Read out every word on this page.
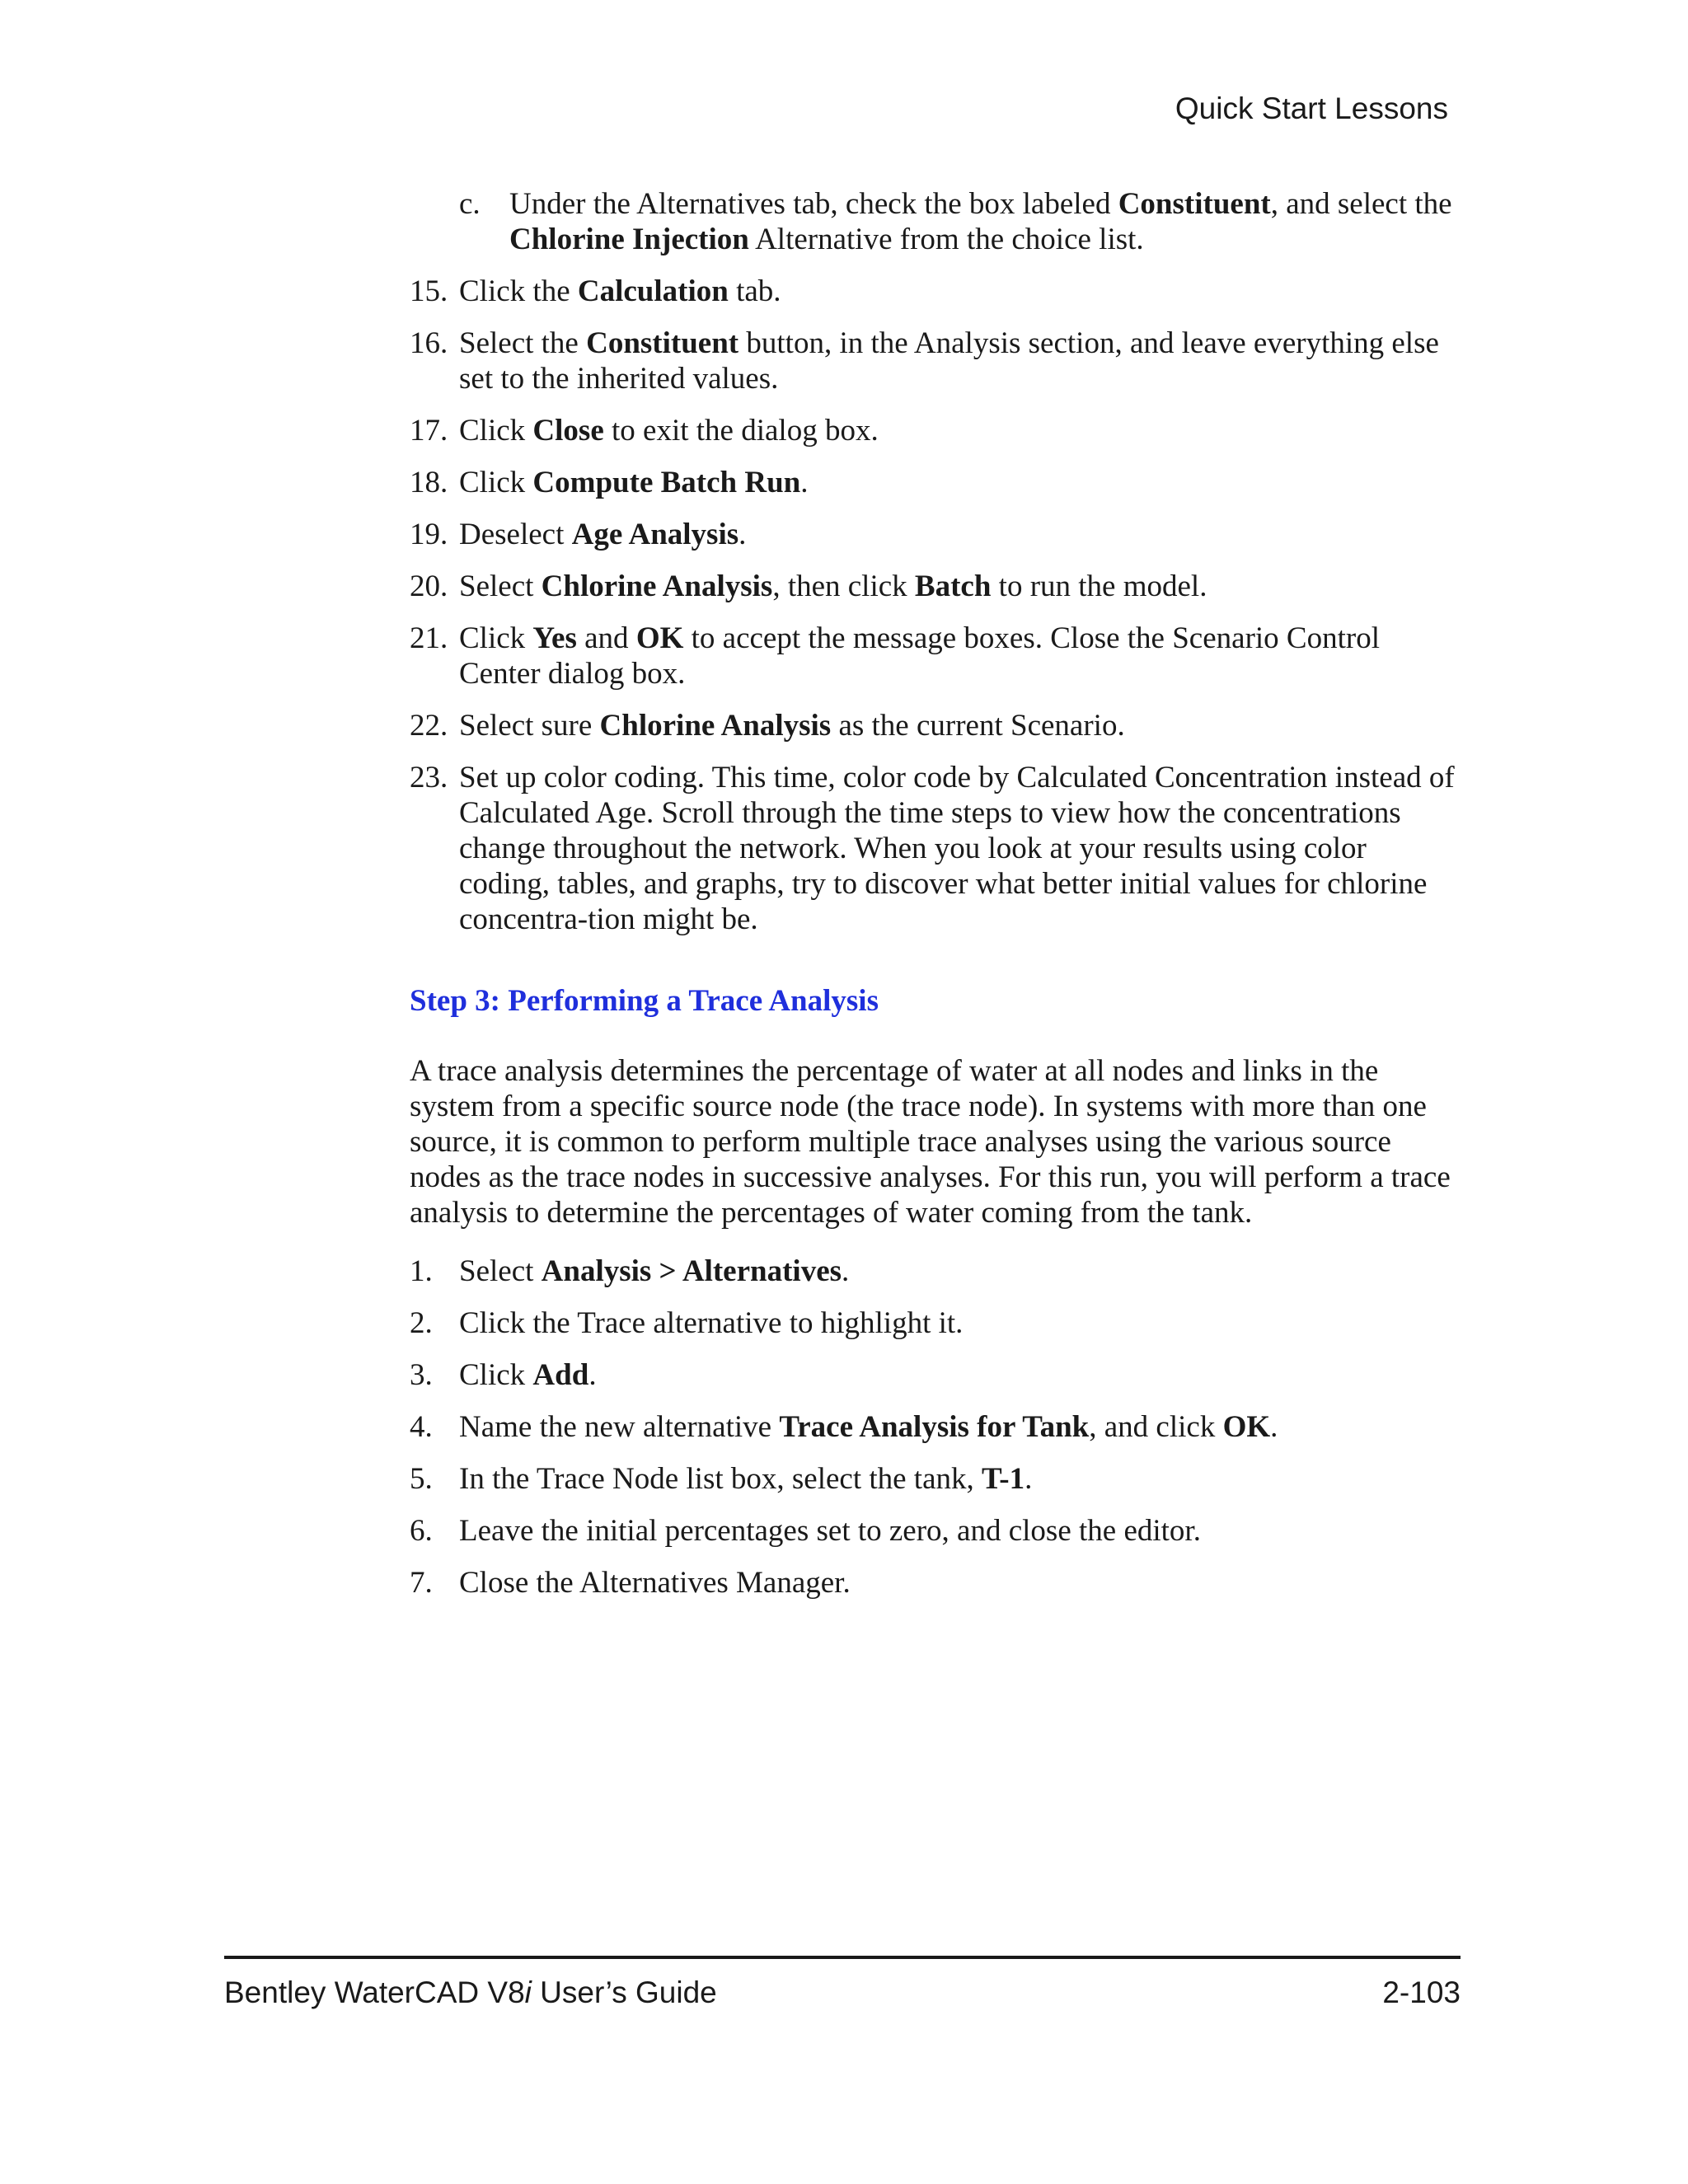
Quick Start Lessons
c. Under the Alternatives tab, check the box labeled Constituent, and select the Chlorine Injection Alternative from the choice list.
15. Click the Calculation tab.
16. Select the Constituent button, in the Analysis section, and leave everything else set to the inherited values.
17. Click Close to exit the dialog box.
18. Click Compute Batch Run.
19. Deselect Age Analysis.
20. Select Chlorine Analysis, then click Batch to run the model.
21. Click Yes and OK to accept the message boxes. Close the Scenario Control Center dialog box.
22. Select sure Chlorine Analysis as the current Scenario.
23. Set up color coding. This time, color code by Calculated Concentration instead of Calculated Age. Scroll through the time steps to view how the concentrations change throughout the network. When you look at your results using color coding, tables, and graphs, try to discover what better initial values for chlorine concentra-tion might be.
Step 3: Performing a Trace Analysis
A trace analysis determines the percentage of water at all nodes and links in the system from a specific source node (the trace node). In systems with more than one source, it is common to perform multiple trace analyses using the various source nodes as the trace nodes in successive analyses. For this run, you will perform a trace analysis to determine the percentages of water coming from the tank.
1. Select Analysis > Alternatives.
2. Click the Trace alternative to highlight it.
3. Click Add.
4. Name the new alternative Trace Analysis for Tank, and click OK.
5. In the Trace Node list box, select the tank, T-1.
6. Leave the initial percentages set to zero, and close the editor.
7. Close the Alternatives Manager.
Bentley WaterCAD V8i User’s Guide	2-103
